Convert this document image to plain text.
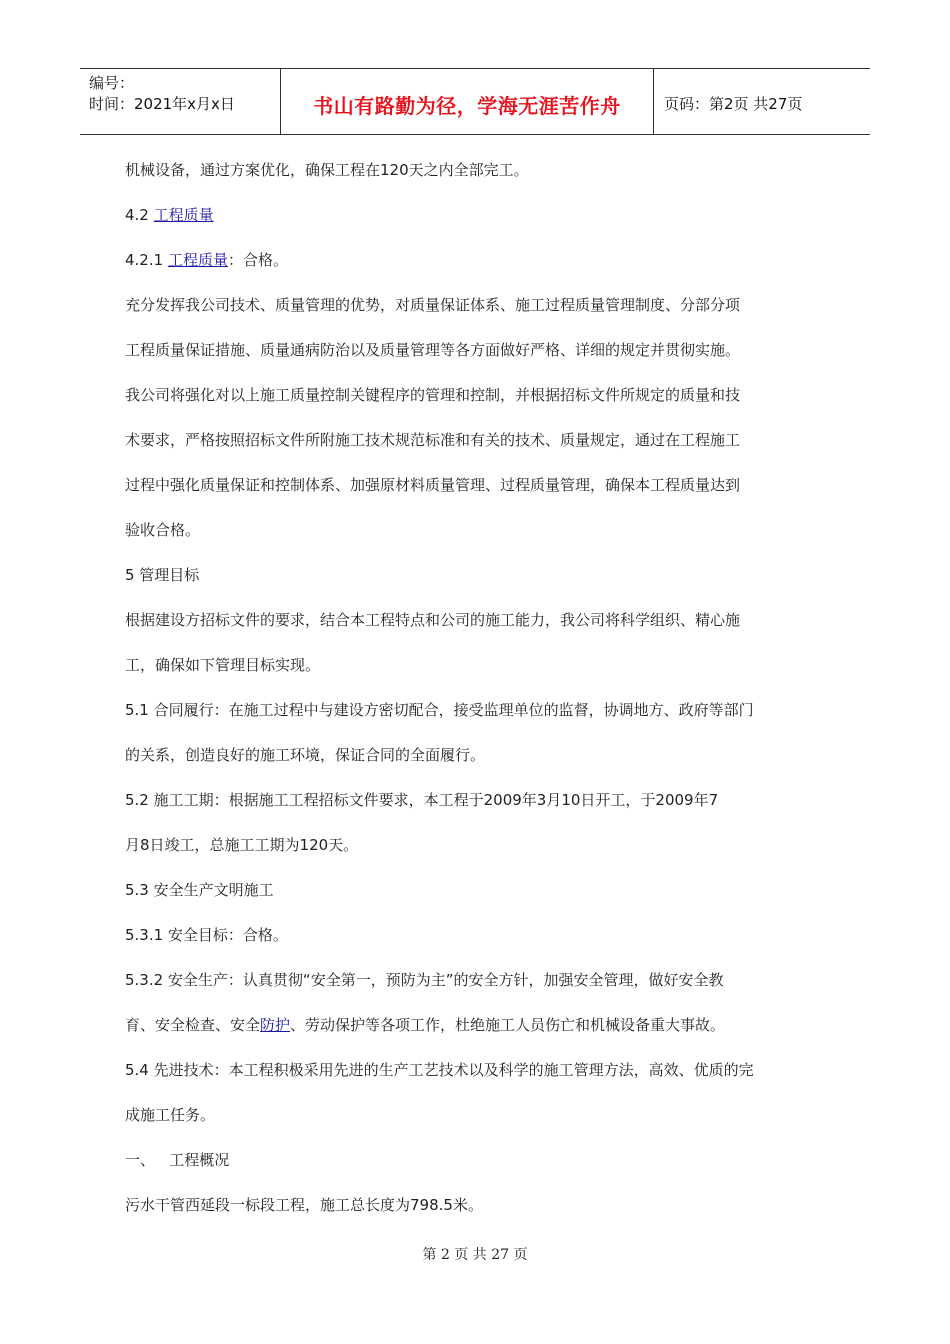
编号：
时间：2021年x月x日	书山有路勤为径，学海无涯苦作舟	页码：第2页 共27页

机械设备，通过方案优化，确保工程在120天之内全部完工。

4.2 工程质量

4.2.1 工程质量：合格。

充分发挥我公司技术、质量管理的优势，对质量保证体系、施工过程质量管理制度、分部分项

工程质量保证措施、质量通病防治以及质量管理等各方面做好严格、详细的规定并贯彻实施。

我公司将强化对以上施工质量控制关键程序的管理和控制，并根据招标文件所规定的质量和技

术要求，严格按照招标文件所附施工技术规范标准和有关的技术、质量规定，通过在工程施工

过程中强化质量保证和控制体系、加强原材料质量管理、过程质量管理，确保本工程质量达到

验收合格。

5 管理目标

根据建设方招标文件的要求，结合本工程特点和公司的施工能力，我公司将科学组织、精心施

工，确保如下管理目标实现。

5.1 合同履行：在施工过程中与建设方密切配合，接受监理单位的监督，协调地方、政府等部门

的关系，创造良好的施工环境，保证合同的全面履行。

5.2 施工工期：根据施工工程招标文件要求，本工程于2009年3月10日开工，于2009年7

月8日竣工，总施工工期为120天。

5.3 安全生产文明施工

5.3.1 安全目标：合格。

5.3.2 安全生产：认真贯彻“安全第一，预防为主”的安全方针，加强安全管理，做好安全教

育、安全检查、安全防护、劳动保护等各项工作，杜绝施工人员伤亡和机械设备重大事故。

5.4 先进技术：本工程积极采用先进的生产工艺技术以及科学的施工管理方法，高效、优质的完

成施工任务。

一、   工程概况

污水干管西延段一标段工程，施工总长度为798.5米。

第 2 页 共 27 页
